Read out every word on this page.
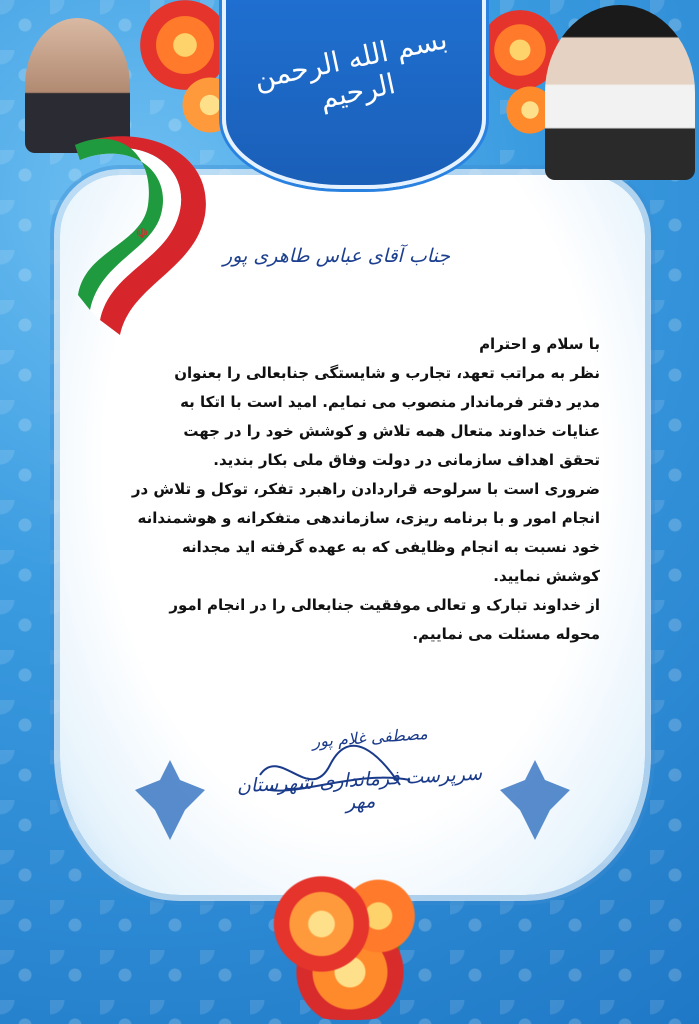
بسم الله الرحمن الرحیم
☫
جناب آقای عباس طاهری پور
با سلام و احترام
نظر به مراتب تعهد، تجارب و شایستگی جنابعالی را بعنوان
مدیر دفتر فرماندار منصوب می نمایم. امید است با اتکا به
عنایات خداوند متعال همه تلاش و کوشش خود را در جهت
تحقق اهداف سازمانی در دولت وفاق ملی بکار بندید.
ضروری است با سرلوحه قراردادن راهبرد تفکر، توکل و تلاش در
انجام امور و با برنامه ریزی، سازماندهی متفکرانه و هوشمندانه
خود نسبت به انجام وظایفی که به عهده گرفته اید مجدانه
کوشش نمایید.
از خداوند تبارک و تعالی موفقیت جنابعالی را در انجام امور
محوله مسئلت می نماییم.
مصطفی غلام پور
سرپرست فرمانداری شهرستان مهر
